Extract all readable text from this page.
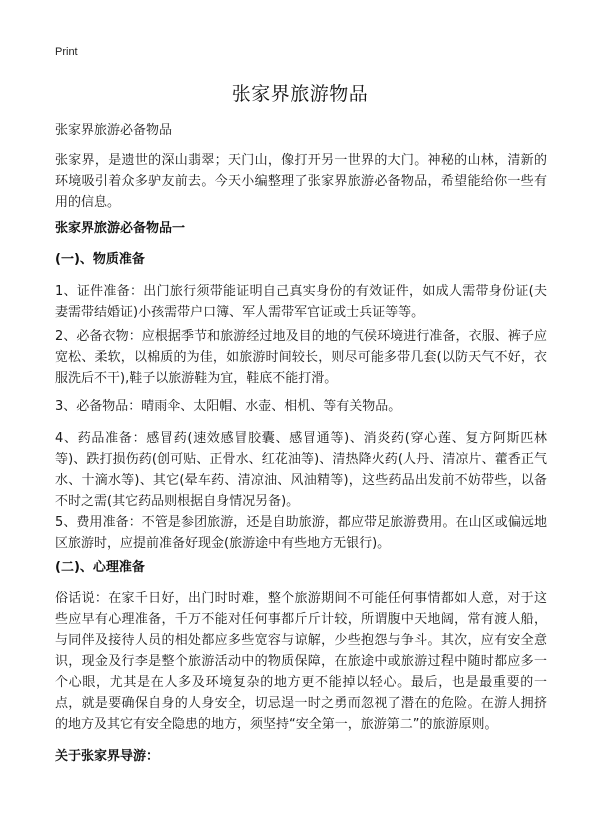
Print
张家界旅游物品

张家界旅游必备物品

张家界，是遗世的深山翡翠；天门山，像打开另一世界的大门。神秘的山林，清新的环境吸引着众多驴友前去。今天小编整理了张家界旅游必备物品，希望能给你一些有用的信息。

张家界旅游必备物品一

(一)、物质准备

1、证件准备：出门旅行须带能证明自己真实身份的有效证件，如成人需带身份证(夫妻需带结婚证)小孩需带户口簿、军人需带军官证或士兵证等等。

2、必备衣物：应根据季节和旅游经过地及目的地的气侯环境进行准备，衣服、裤子应宽松、柔软，以棉质的为佳，如旅游时间较长，则尽可能多带几套(以防天气不好，衣服洗后不干),鞋子以旅游鞋为宜，鞋底不能打滑。

3、必备物品：晴雨伞、太阳帽、水壶、相机、等有关物品。

4、药品准备：感冒药(速效感冒胶囊、感冒通等)、消炎药(穿心莲、复方阿斯匹林等)、跌打损伤药(创可贴、正骨水、红花油等)、清热降火药(人丹、清凉片、藿香正气水、十滴水等)、其它(晕车药、清凉油、风油精等)，这些药品出发前不妨带些，以备不时之需(其它药品则根据自身情况另备)。

5、费用准备：不管是参团旅游，还是自助旅游，都应带足旅游费用。在山区或偏远地区旅游时，应提前准备好现金(旅游途中有些地方无银行)。

(二)、心理准备

俗话说：在家千日好，出门时时难，整个旅游期间不可能任何事情都如人意，对于这些应早有心理准备，千万不能对任何事都斤斤计较，所谓腹中天地阔，常有渡人船，与同伴及接待人员的相处都应多些宽容与谅解，少些抱怨与争斗。其次，应有安全意识，现金及行李是整个旅游活动中的物质保障，在旅途中或旅游过程中随时都应多一个心眼，尤其是在人多及环境复杂的地方更不能掉以轻心。最后，也是最重要的一点，就是要确保自身的人身安全，切忌逞一时之勇而忽视了潜在的危险。在游人拥挤的地方及其它有安全隐患的地方，须坚持“安全第一，旅游第二”的旅游原则。

关于张家界导游：
